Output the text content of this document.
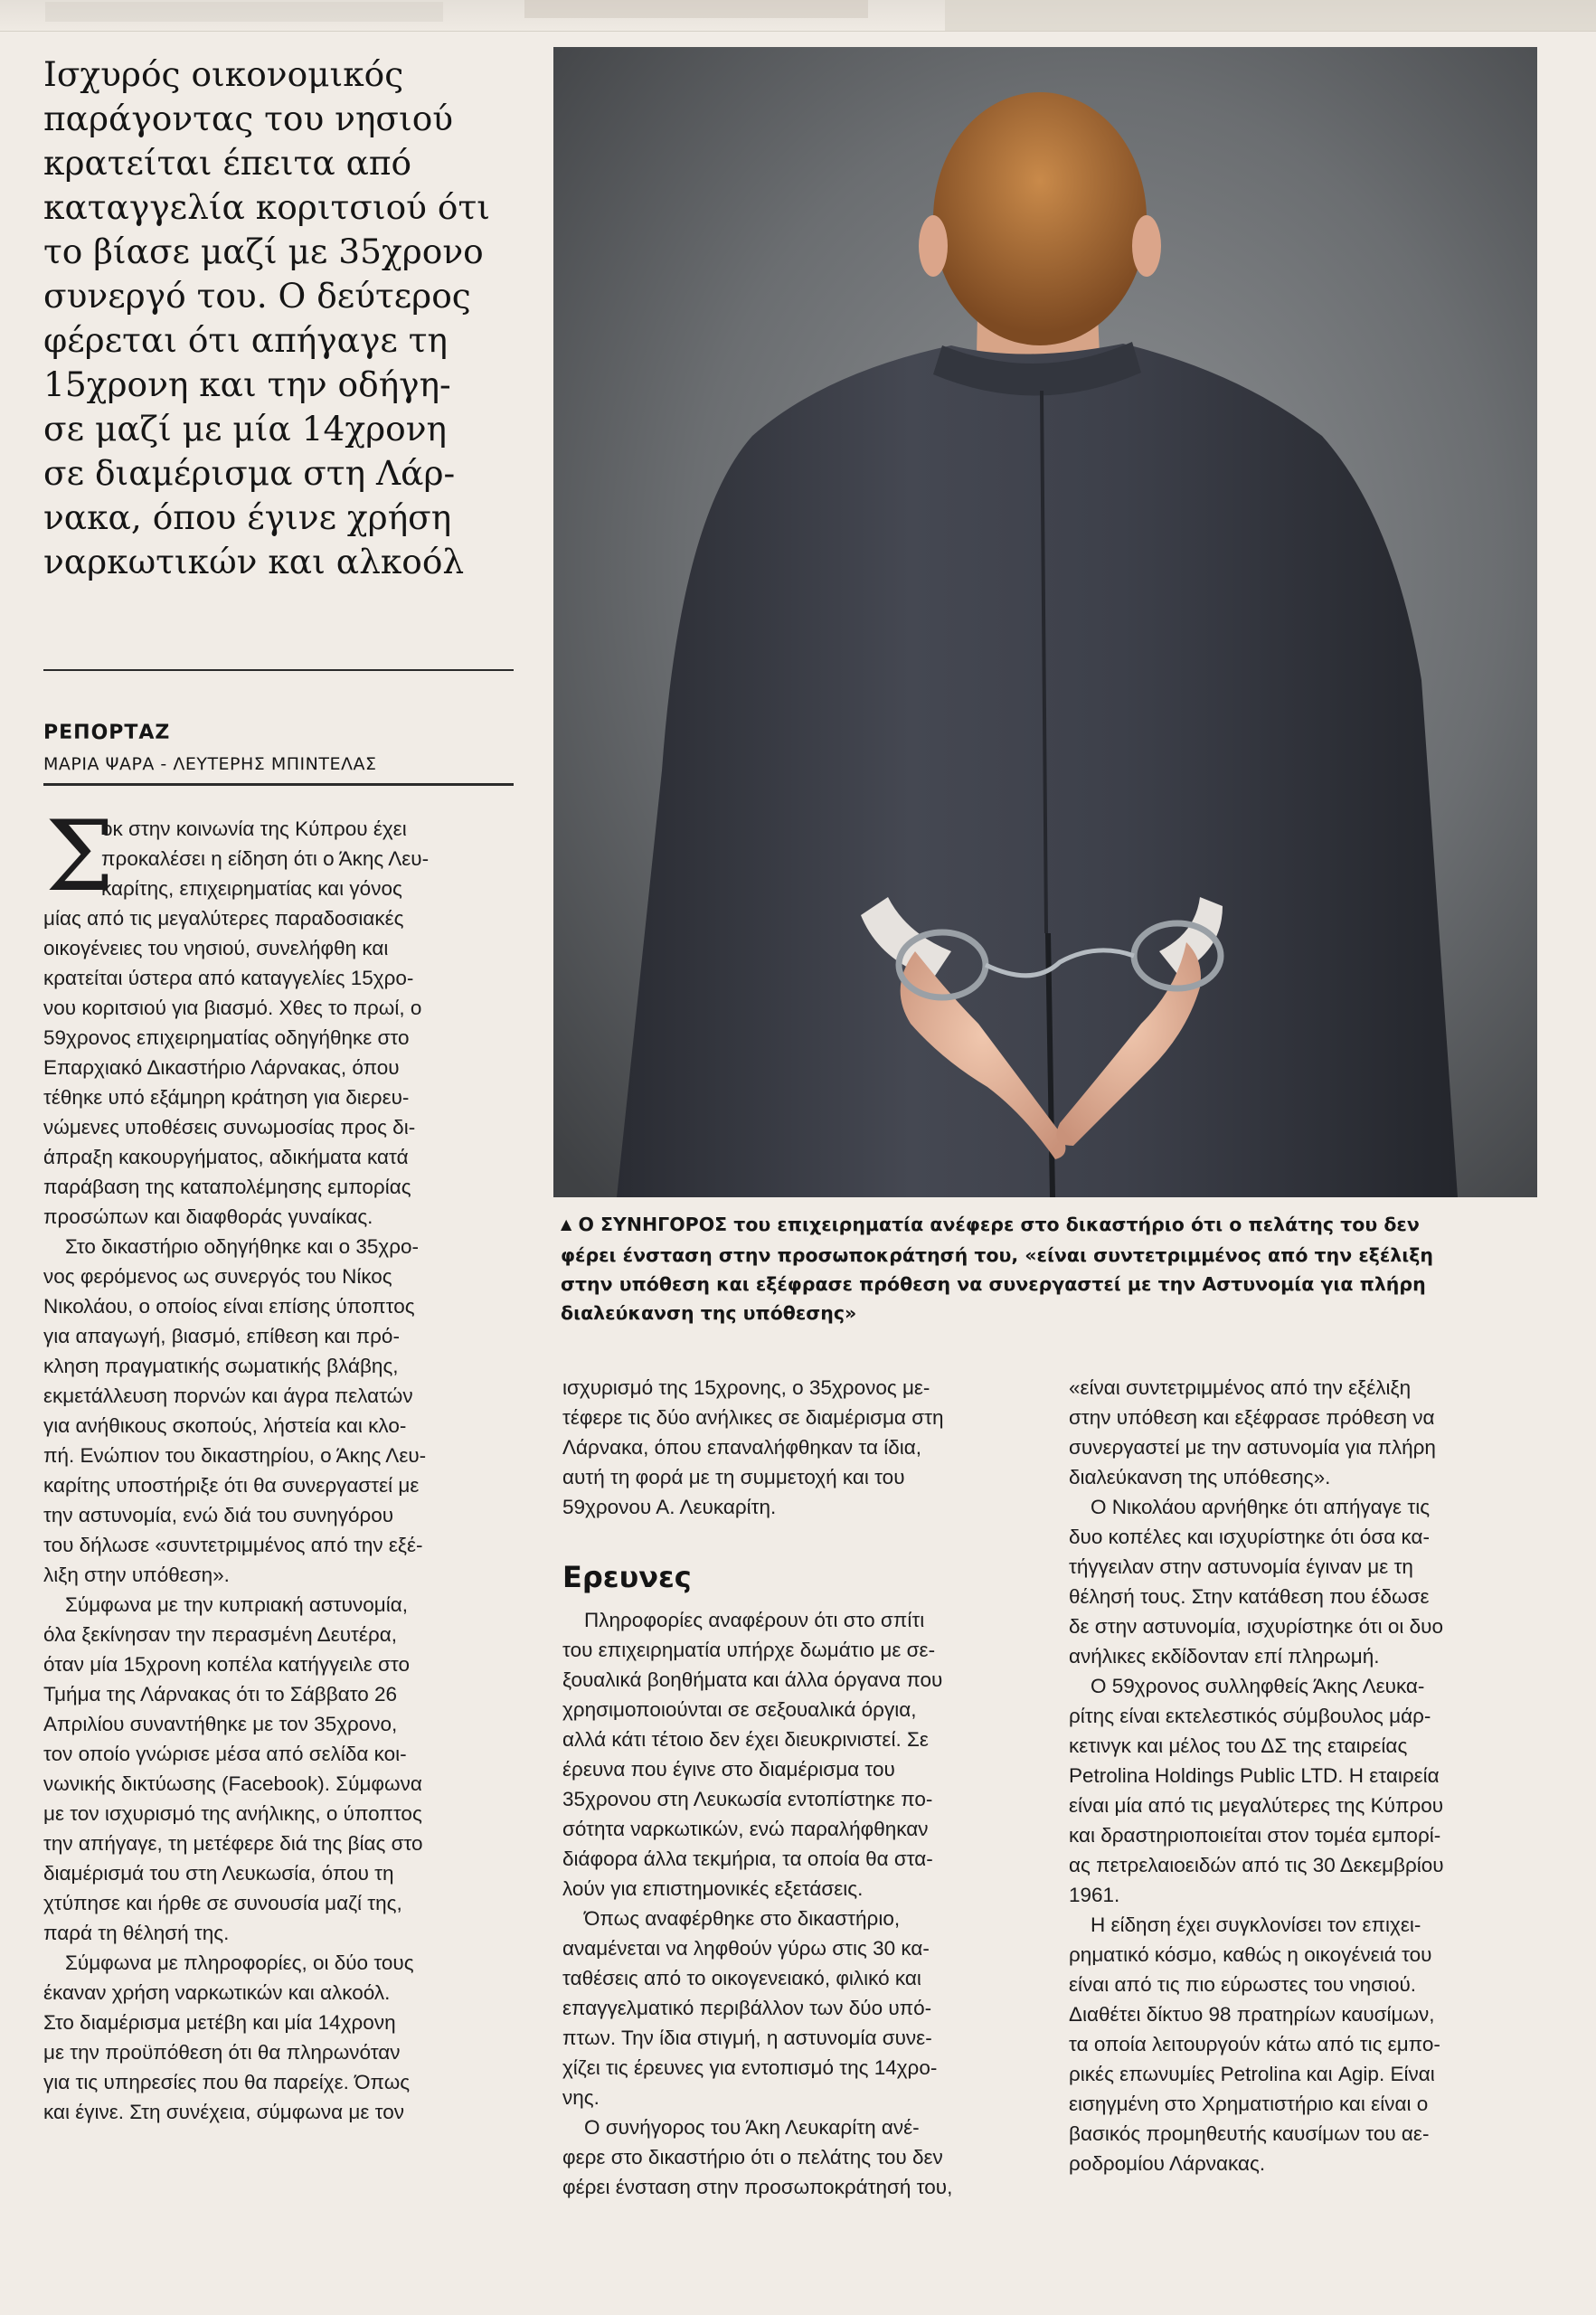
Ισχυρός οικονομικός
παράγοντας του νησιού
κρατείται έπειτα από
καταγγελία κοριτσιού ότι
το βίασε μαζί με 35χρονο
συνεργό του. Ο δεύτερος
φέρεται ότι απήγαγε τη
15χρονη και την οδήγη-
σε μαζί με μία 14χρονη
σε διαμέρισμα στη Λάρ-
νακα, όπου έγινε χρήση
ναρκωτικών και αλκοόλ
ΡΕΠΟΡΤΑΖ
ΜΑΡΙΑ ΨΑΡΑ - ΛΕΥΤΕΡΗΣ ΜΠΙΝΤΕΛΑΣ
▲ Ο ΣΥΝΗΓΟΡΟΣ του επιχειρηματία ανέφερε στο δικαστήριο ότι ο πελάτης του δεν
φέρει ένσταση στην προσωποκράτησή του, «είναι συντετριμμένος από την εξέλιξη
στην υπόθεση και εξέφρασε πρόθεση να συνεργαστεί με την Αστυνομία για πλήρη
διαλεύκανση της υπόθεσης»
Σ
οκ στην κοινωνία της Κύπρου έχει
προκαλέσει η είδηση ότι ο Άκης Λευ-
καρίτης, επιχειρηματίας και γόνος
μίας από τις μεγαλύτερες παραδοσιακές
οικογένειες του νησιού, συνελήφθη και
κρατείται ύστερα από καταγγελίες 15χρο-
νου κοριτσιού για βιασμό. Χθες το πρωί, ο
59χρονος επιχειρηματίας οδηγήθηκε στο
Επαρχιακό Δικαστήριο Λάρνακας, όπου
τέθηκε υπό εξάμηρη κράτηση για διερευ-
νώμενες υποθέσεις συνωμοσίας προς δι-
άπραξη κακουργήματος, αδικήματα κατά
παράβαση της καταπολέμησης εμπορίας
προσώπων και διαφθοράς γυναίκας.
Στο δικαστήριο οδηγήθηκε και ο 35χρο-
νος φερόμενος ως συνεργός του Νίκος
Νικολάου, ο οποίος είναι επίσης ύποπτος
για απαγωγή, βιασμό, επίθεση και πρό-
κληση πραγματικής σωματικής βλάβης,
εκμετάλλευση πορνών και άγρα πελατών
για ανήθικους σκοπούς, λήστεία και κλο-
πή. Ενώπιον του δικαστηρίου, ο Άκης Λευ-
καρίτης υποστήριξε ότι θα συνεργαστεί με
την αστυνομία, ενώ διά του συνηγόρου
του δήλωσε «συντετριμμένος από την εξέ-
λιξη στην υπόθεση».
Σύμφωνα με την κυπριακή αστυνομία,
όλα ξεκίνησαν την περασμένη Δευτέρα,
όταν μία 15χρονη κοπέλα κατήγγειλε στο
Τμήμα της Λάρνακας ότι το Σάββατο 26
Απριλίου συναντήθηκε με τον 35χρονο,
τον οποίο γνώρισε μέσα από σελίδα κοι-
νωνικής δικτύωσης (Facebook). Σύμφωνα
με τον ισχυρισμό της ανήλικης, ο ύποπτος
την απήγαγε, τη μετέφερε διά της βίας στο
διαμέρισμά του στη Λευκωσία, όπου τη
χτύπησε και ήρθε σε συνουσία μαζί της,
παρά τη θέλησή της.
Σύμφωνα με πληροφορίες, οι δύο τους
έκαναν χρήση ναρκωτικών και αλκοόλ.
Στο διαμέρισμα μετέβη και μία 14χρονη
με την προϋπόθεση ότι θα πληρωνόταν
για τις υπηρεσίες που θα παρείχε. Όπως
και έγινε. Στη συνέχεια, σύμφωνα με τον
ισχυρισμό της 15χρονης, ο 35χρονος με-
τέφερε τις δύο ανήλικες σε διαμέρισμα στη
Λάρνακα, όπου επαναλήφθηκαν τα ίδια,
αυτή τη φορά με τη συμμετοχή και του
59χρονου Α. Λευκαρίτη.
Ερευνες
Πληροφορίες αναφέρουν ότι στο σπίτι
του επιχειρηματία υπήρχε δωμάτιο με σε-
ξουαλικά βοηθήματα και άλλα όργανα που
χρησιμοποιούνται σε σεξουαλικά όργια,
αλλά κάτι τέτοιο δεν έχει διευκρινιστεί. Σε
έρευνα που έγινε στο διαμέρισμα του
35χρονου στη Λευκωσία εντοπίστηκε πο-
σότητα ναρκωτικών, ενώ παραλήφθηκαν
διάφορα άλλα τεκμήρια, τα οποία θα στα-
λούν για επιστημονικές εξετάσεις.
Όπως αναφέρθηκε στο δικαστήριο,
αναμένεται να ληφθούν γύρω στις 30 κα-
ταθέσεις από το οικογενειακό, φιλικό και
επαγγελματικό περιβάλλον των δύο υπό-
πτων. Την ίδια στιγμή, η αστυνομία συνε-
χίζει τις έρευνες για εντοπισμό της 14χρο-
νης.
Ο συνήγορος του Άκη Λευκαρίτη ανέ-
φερε στο δικαστήριο ότι ο πελάτης του δεν
φέρει ένσταση στην προσωποκράτησή του,
«είναι συντετριμμένος από την εξέλιξη
στην υπόθεση και εξέφρασε πρόθεση να
συνεργαστεί με την αστυνομία για πλήρη
διαλεύκανση της υπόθεσης».
Ο Νικολάου αρνήθηκε ότι απήγαγε τις
δυο κοπέλες και ισχυρίστηκε ότι όσα κα-
τήγγειλαν στην αστυνομία έγιναν με τη
θέλησή τους. Στην κατάθεση που έδωσε
δε στην αστυνομία, ισχυρίστηκε ότι οι δυο
ανήλικες εκδίδονταν επί πληρωμή.
Ο 59χρονος συλληφθείς Άκης Λευκα-
ρίτης είναι εκτελεστικός σύμβουλος μάρ-
κετινγκ και μέλος του ΔΣ της εταιρείας
Petrolina Holdings Public LTD. Η εταιρεία
είναι μία από τις μεγαλύτερες της Κύπρου
και δραστηριοποιείται στον τομέα εμπορί-
ας πετρελαιοειδών από τις 30 Δεκεμβρίου
1961.
Η είδηση έχει συγκλονίσει τον επιχει-
ρηματικό κόσμο, καθώς η οικογένειά του
είναι από τις πιο εύρωστες του νησιού.
Διαθέτει δίκτυο 98 πρατηρίων καυσίμων,
τα οποία λειτουργούν κάτω από τις εμπο-
ρικές επωνυμίες Petrolina και Agip. Είναι
εισηγμένη στο Χρηματιστήριο και είναι ο
βασικός προμηθευτής καυσίμων του αε-
ροδρομίου Λάρνακας.
